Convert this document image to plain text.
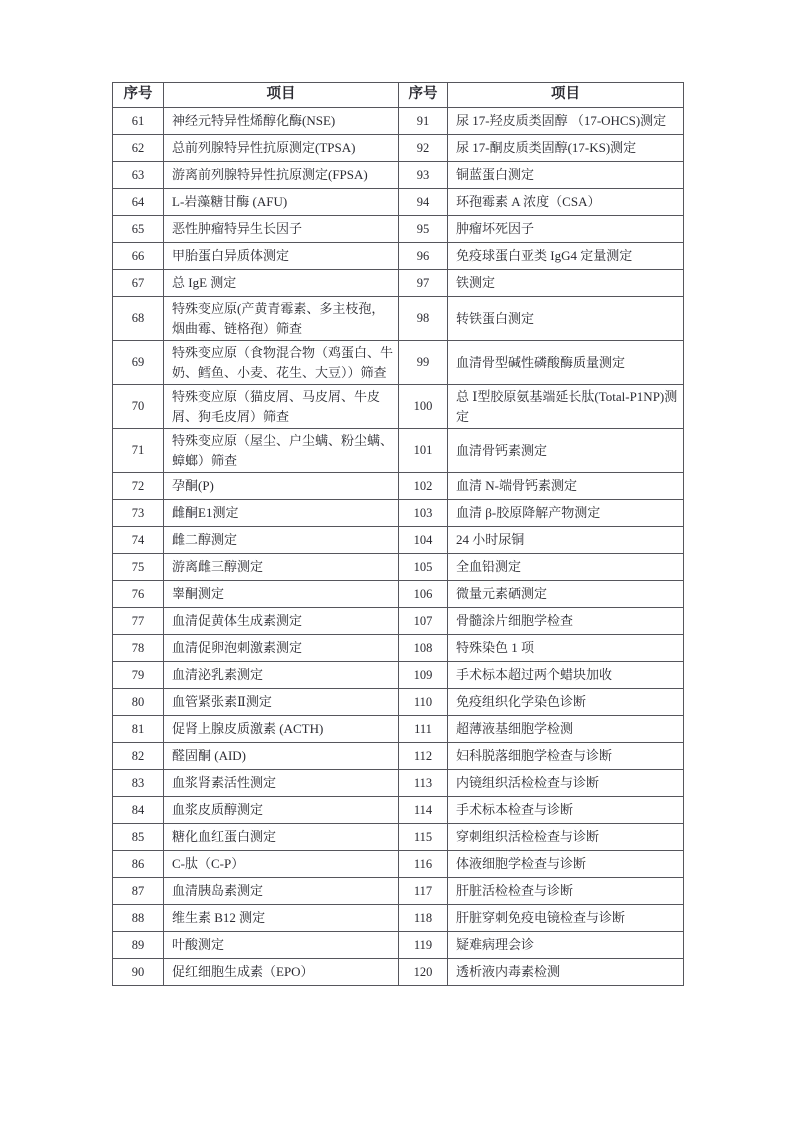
序号	项目	序号	项目
61	神经元特异性烯醇化酶(NSE)	91	尿 17-羟皮质类固醇 （17-OHCS)测定
62	总前列腺特异性抗原测定(TPSA)	92	尿 17-酮皮质类固醇(17-KS)测定
63	游离前列腺特异性抗原测定(FPSA)	93	铜蓝蛋白测定
64	L-岩藻糖甘酶 (AFU)	94	环孢霉素 A 浓度（CSA）
65	恶性肿瘤特异生长因子	95	肿瘤坏死因子
66	甲胎蛋白异质体测定	96	免疫球蛋白亚类 IgG4 定量测定
67	总 IgE 测定	97	铁测定
68	特殊变应原(产黄青霉素、多主枝孢，烟曲霉、链格孢）筛查	98	转铁蛋白测定
69	特殊变应原（食物混合物（鸡蛋白、牛奶、鳕鱼、小麦、花生、大豆））筛查	99	血清骨型碱性磷酸酶质量测定
70	特殊变应原（猫皮屑、马皮屑、牛皮屑、狗毛皮屑）筛查	100	总 Ⅰ型胶原氨基端延长肽(Total-P1NP)测定
71	特殊变应原（屋尘、户尘螨、粉尘螨、蟑螂）筛查	101	血清骨钙素测定
72	孕酮(P)	102	血清 N-端骨钙素测定
73	雌酮E1测定	103	血清 β-胶原降解产物测定
74	雌二醇测定	104	24 小时尿铜
75	游离雌三醇测定	105	全血铅测定
76	睾酮测定	106	微量元素硒测定
77	血清促黄体生成素测定	107	骨髓涂片细胞学检查
78	血清促卵泡刺激素测定	108	特殊染色 1 项
79	血清泌乳素测定	109	手术标本超过两个蜡块加收
80	血管紧张素Ⅱ测定	110	免疫组织化学染色诊断
81	促肾上腺皮质激素 (ACTH)	111	超薄液基细胞学检测
82	醛固酮 (AID)	112	妇科脱落细胞学检查与诊断
83	血浆肾素活性测定	113	内镜组织活检检查与诊断
84	血浆皮质醇测定	114	手术标本检查与诊断
85	糖化血红蛋白测定	115	穿刺组织活检检查与诊断
86	C-肽（C-P）	116	体液细胞学检查与诊断
87	血清胰岛素测定	117	肝脏活检检查与诊断
88	维生素 B12 测定	118	肝脏穿刺免疫电镜检查与诊断
89	叶酸测定	119	疑难病理会诊
90	促红细胞生成素（EPO）	120	透析液内毒素检测
